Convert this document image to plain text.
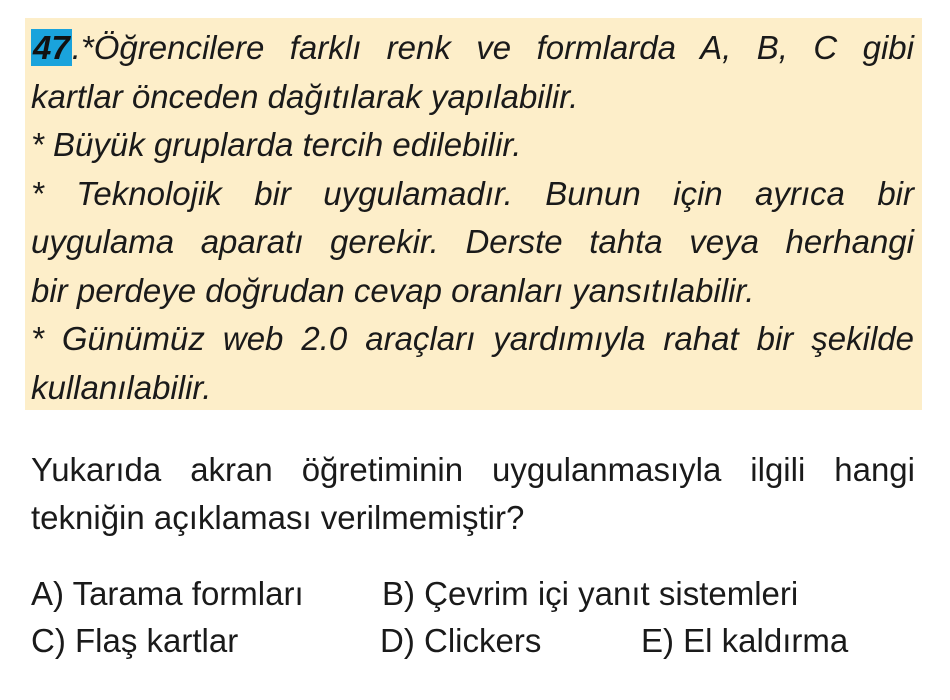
47.*Öğrencilere farklı renk ve formlarda A, B, C gibi
kartlar önceden dağıtılarak yapılabilir.
* Büyük gruplarda tercih edilebilir.
* Teknolojik bir uygulamadır. Bunun için ayrıca bir
uygulama aparatı gerekir. Derste tahta veya herhangi
bir perdeye doğrudan cevap oranları yansıtılabilir.
* Günümüz web 2.0 araçları yardımıyla rahat bir şekilde
kullanılabilir.
Yukarıda akran öğretiminin uygulanmasıyla ilgili hangi
tekniğin açıklaması verilmemiştir?
A) Tarama formları B) Çevrim içi yanıt sistemleri
C) Flaş kartlar	D) Clickers	E) El kaldırma
